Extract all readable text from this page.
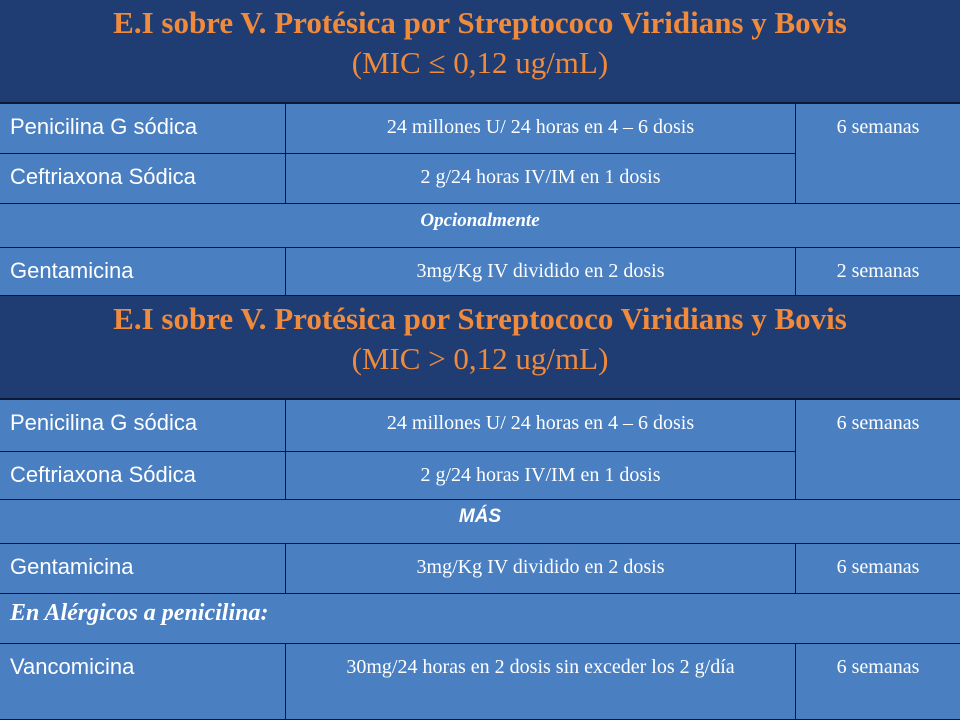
E.I sobre V. Protésica por Streptococo Viridians y Bovis
(MIC ≤ 0,12 ug/mL)
Penicilina G sódica	24 millones U/ 24 horas en 4 – 6 dosis	6 semanas
Ceftriaxona Sódica	2 g/24 horas IV/IM en 1 dosis
Opcionalmente
Gentamicina	3mg/Kg IV dividido en 2 dosis	2 semanas
E.I sobre V. Protésica por Streptococo Viridians y Bovis
(MIC > 0,12 ug/mL)
Penicilina G sódica	24 millones U/ 24 horas en 4 – 6 dosis	6 semanas
Ceftriaxona Sódica	2 g/24 horas IV/IM en 1 dosis
MÁS
Gentamicina	3mg/Kg IV dividido en 2 dosis	6 semanas
En Alérgicos a penicilina:
Vancomicina	30mg/24 horas en 2 dosis sin exceder los 2 g/día	6 semanas
